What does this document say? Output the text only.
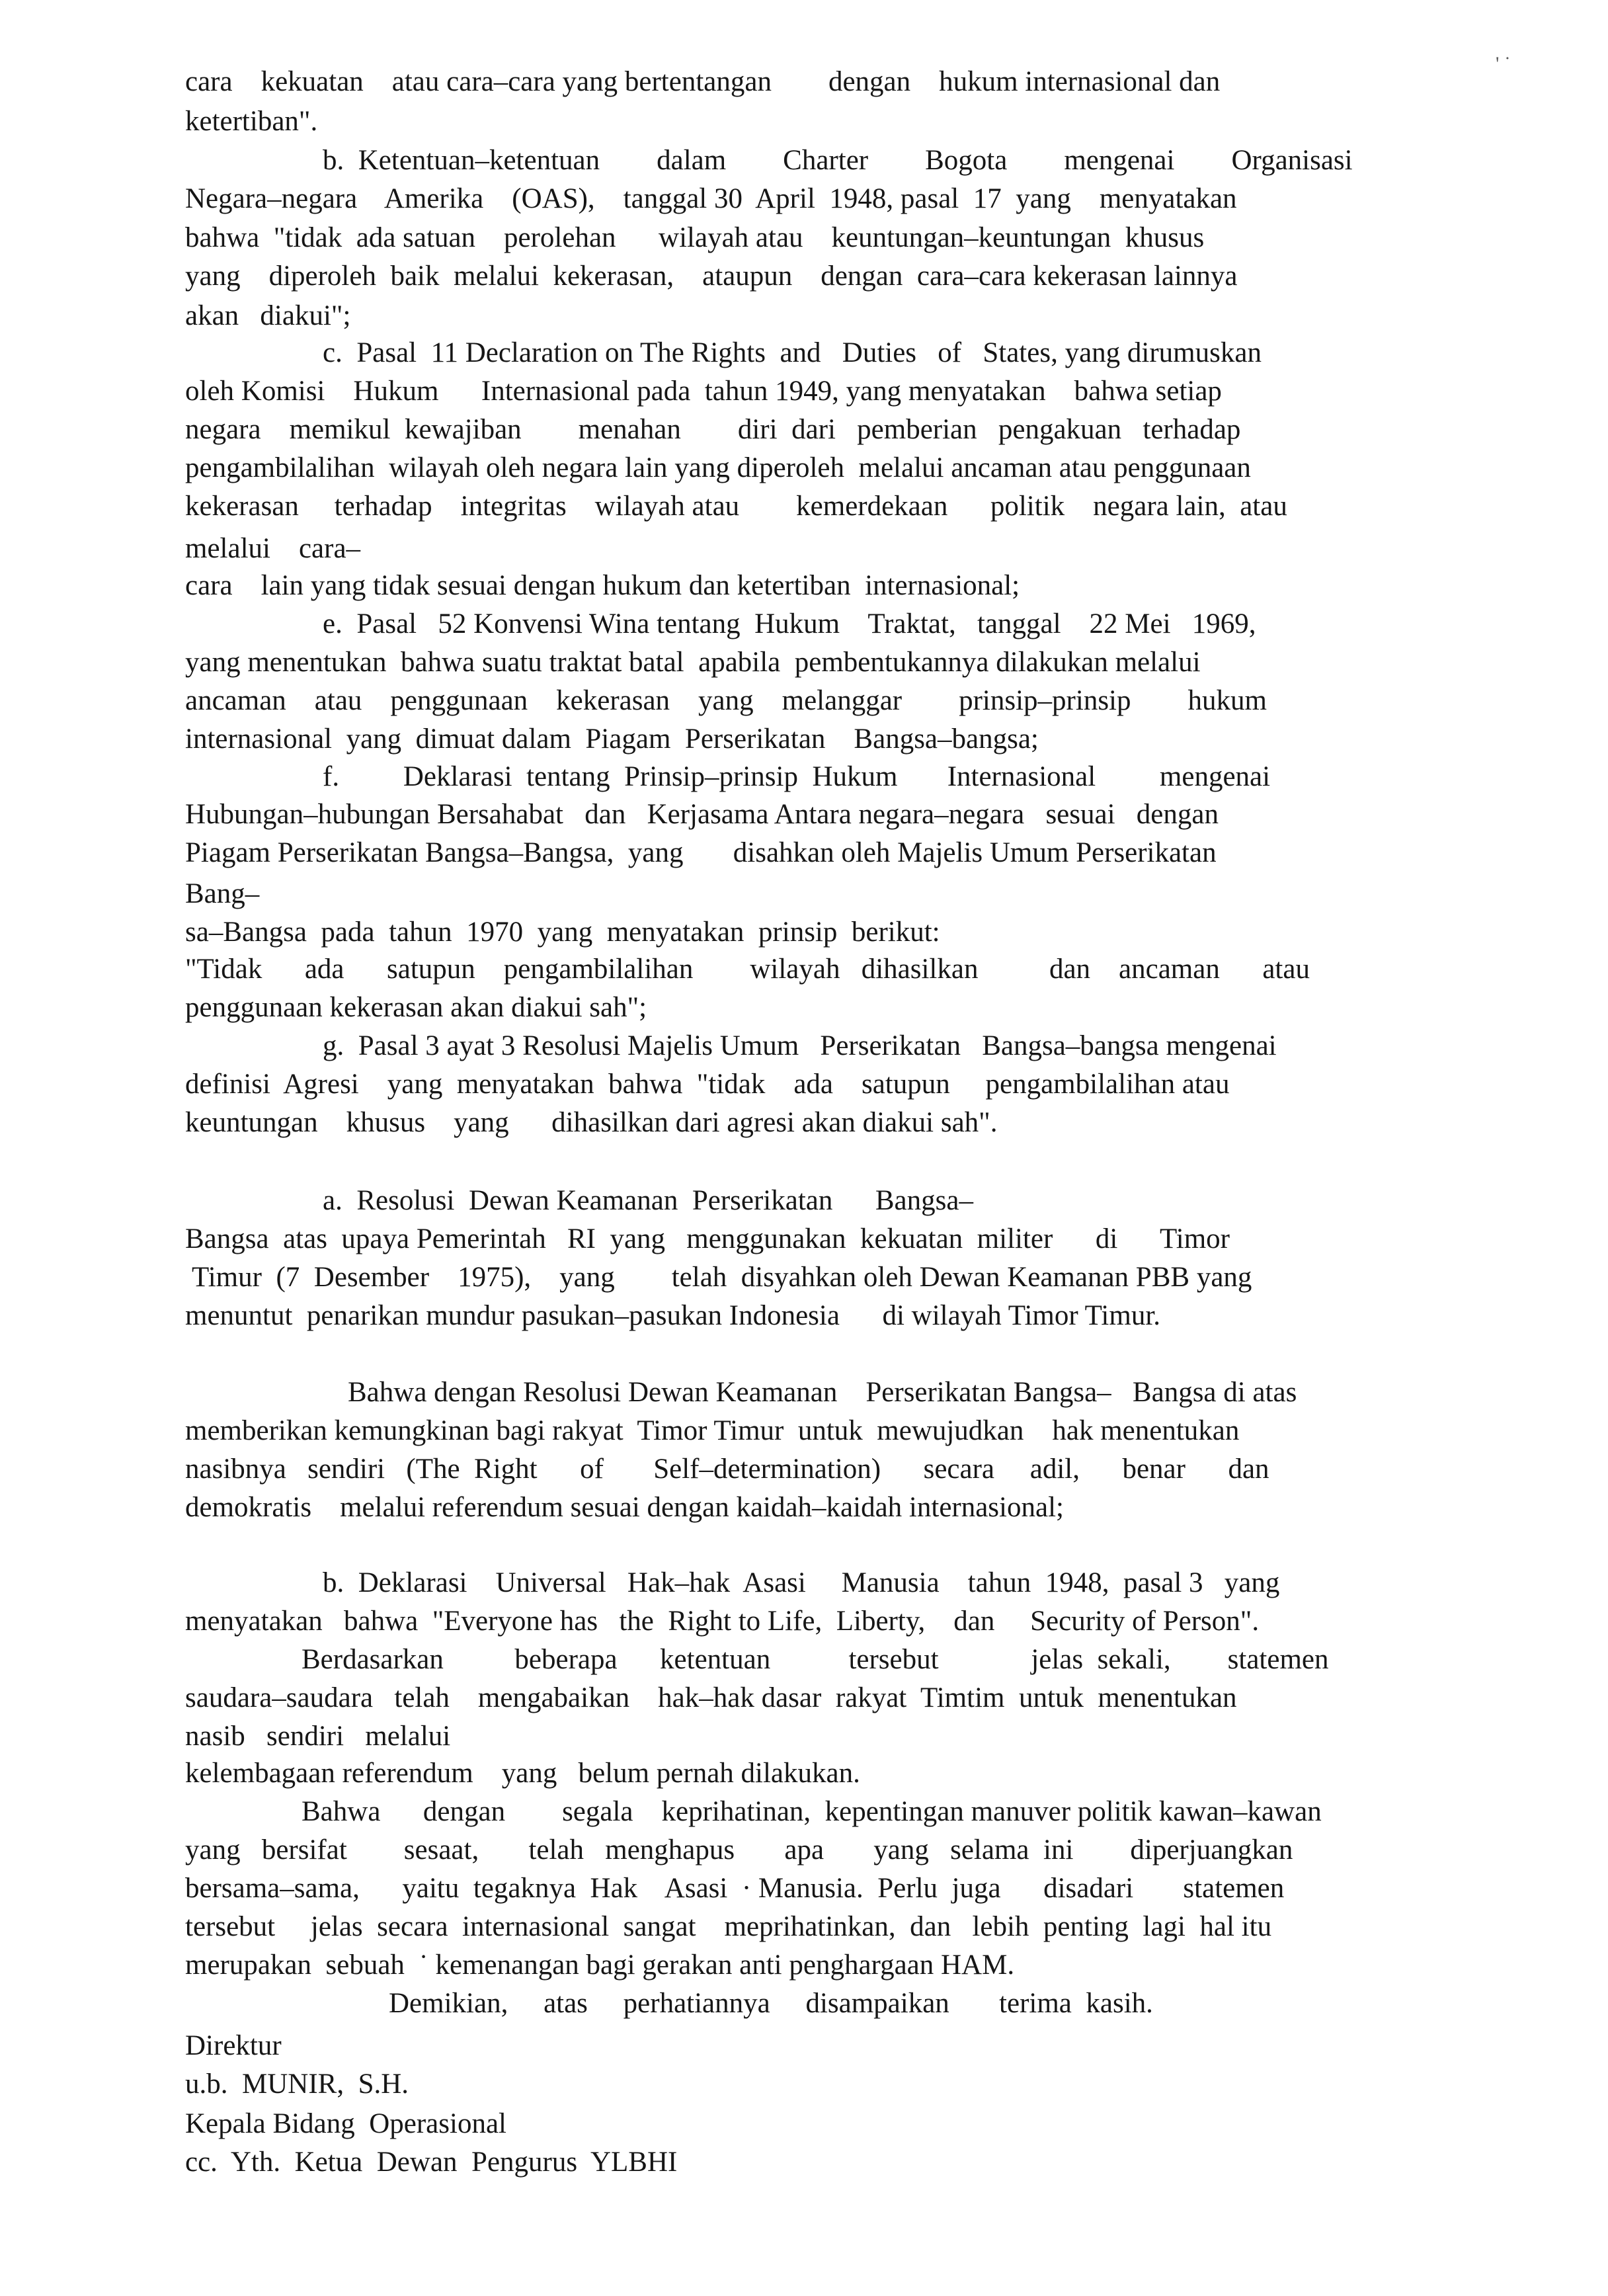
' ˙
cara    kekuatan    atau cara–cara yang bertentangan        dengan    hukum internasional dan
ketertiban".
b.  Ketentuan–ketentuan        dalam        Charter        Bogota        mengenai        Organisasi
Negara–negara    Amerika    (OAS),    tanggal 30  April  1948, pasal  17  yang    menyatakan
bahwa  "tidak  ada satuan    perolehan      wilayah atau    keuntungan–keuntungan  khusus
yang    diperoleh  baik  melalui  kekerasan,    ataupun    dengan  cara–cara kekerasan lainnya
akan   diakui";
c.  Pasal  11 Declaration on The Rights  and   Duties   of   States, yang dirumuskan
oleh Komisi    Hukum      Internasional pada  tahun 1949, yang menyatakan    bahwa setiap
negara    memikul  kewajiban        menahan        diri  dari   pemberian   pengakuan   terhadap
pengambilalihan  wilayah oleh negara lain yang diperoleh  melalui ancaman atau penggunaan
kekerasan     terhadap    integritas    wilayah atau        kemerdekaan      politik    negara lain,  atau
melalui    cara–
cara    lain yang tidak sesuai dengan hukum dan ketertiban  internasional;
e.  Pasal   52 Konvensi Wina tentang  Hukum    Traktat,   tanggal    22 Mei   1969,
yang menentukan  bahwa suatu traktat batal  apabila  pembentukannya dilakukan melalui
ancaman    atau    penggunaan    kekerasan    yang    melanggar        prinsip–prinsip        hukum
internasional  yang  dimuat dalam  Piagam  Perserikatan    Bangsa–bangsa;
f.         Deklarasi  tentang  Prinsip–prinsip  Hukum       Internasional         mengenai
Hubungan–hubungan Bersahabat   dan   Kerjasama Antara negara–negara   sesuai   dengan
Piagam Perserikatan Bangsa–Bangsa,  yang       disahkan oleh Majelis Umum Perserikatan
Bang–
sa–Bangsa  pada  tahun  1970  yang  menyatakan  prinsip  berikut:
"Tidak      ada      satupun    pengambilalihan        wilayah   dihasilkan          dan    ancaman      atau
penggunaan kekerasan akan diakui sah";
g.  Pasal 3 ayat 3 Resolusi Majelis Umum   Perserikatan   Bangsa–bangsa mengenai
definisi  Agresi    yang  menyatakan  bahwa  "tidak    ada    satupun     pengambilalihan atau
keuntungan    khusus    yang      dihasilkan dari agresi akan diakui sah".
a.  Resolusi  Dewan Keamanan  Perserikatan      Bangsa–
Bangsa  atas  upaya Pemerintah   RI  yang   menggunakan  kekuatan  militer      di      Timor
Timur  (7  Desember    1975),    yang        telah  disyahkan oleh Dewan Keamanan PBB yang
menuntut  penarikan mundur pasukan–pasukan Indonesia      di wilayah Timor Timur.
Bahwa dengan Resolusi Dewan Keamanan    Perserikatan Bangsa–   Bangsa di atas
memberikan kemungkinan bagi rakyat  Timor Timur  untuk  mewujudkan    hak menentukan
nasibnya   sendiri   (The  Right      of       Self–determination)      secara     adil,      benar      dan
demokratis    melalui referendum sesuai dengan kaidah–kaidah internasional;
b.  Deklarasi    Universal   Hak–hak  Asasi     Manusia    tahun  1948,  pasal 3   yang
menyatakan   bahwa  "Everyone has   the  Right to Life,  Liberty,    dan     Security of Person".
Berdasarkan          beberapa      ketentuan           tersebut             jelas  sekali,        statemen
saudara–saudara   telah    mengabaikan    hak–hak dasar  rakyat  Timtim  untuk  menentukan
nasib   sendiri   melalui
kelembagaan referendum    yang   belum pernah dilakukan.
Bahwa      dengan        segala    keprihatinan,  kepentingan manuver politik kawan–kawan
yang   bersifat        sesaat,       telah   menghapus       apa       yang   selama  ini        diperjuangkan
bersama–sama,      yaitu  tegaknya  Hak    Asasi  · Manusia.  Perlu  juga      disadari       statemen
tersebut     jelas  secara  internasional  sangat    meprihatinkan,  dan   lebih  penting  lagi  hal itu
merupakan  sebuah  ˙ kemenangan bagi gerakan anti penghargaan HAM.
Demikian,     atas     perhatiannya     disampaikan       terima  kasih.
Direktur
u.b.  MUNIR,  S.H.
Kepala Bidang  Operasional
cc.  Yth.  Ketua  Dewan  Pengurus  YLBHI
